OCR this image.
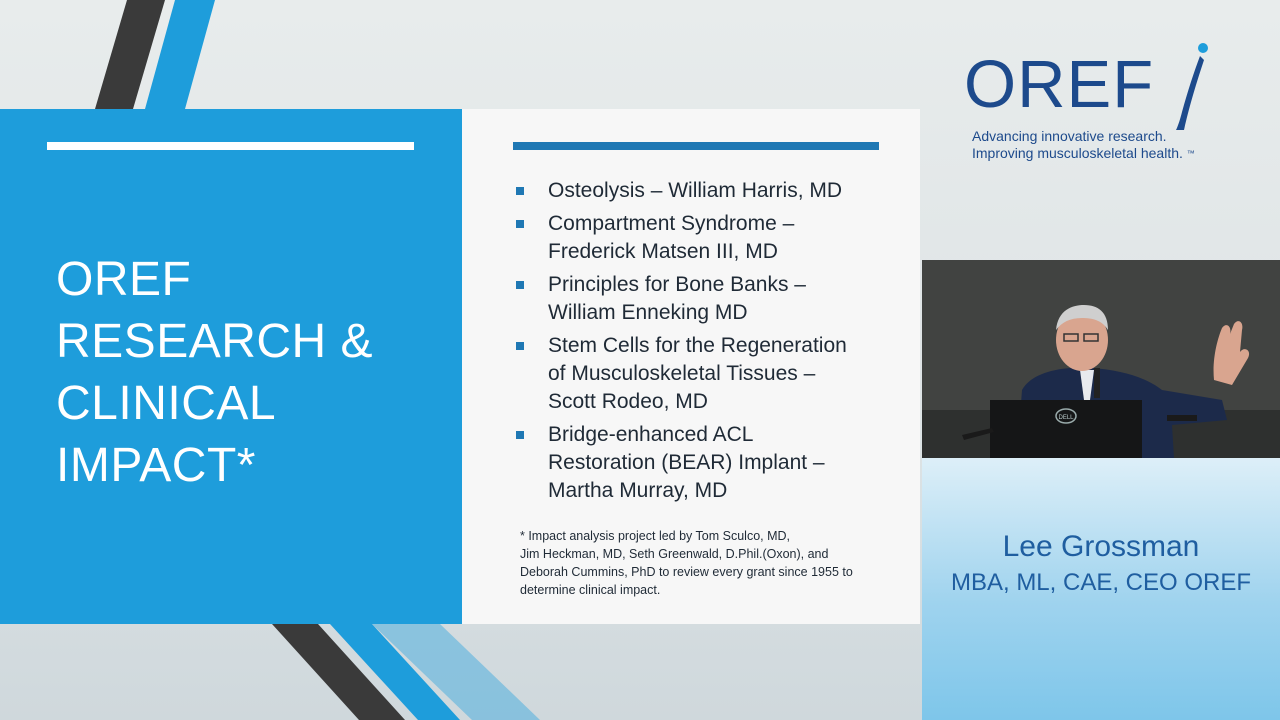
OREF
RESEARCH &
CLINICAL
IMPACT*
Osteolysis – William Harris, MD
Compartment Syndrome –
Frederick Matsen III, MD
Principles for Bone Banks –
William Enneking MD
Stem Cells for the Regeneration
of Musculoskeletal Tissues –
Scott Rodeo, MD
Bridge-enhanced ACL
Restoration (BEAR) Implant –
Martha Murray, MD
* Impact analysis project led by Tom Sculco, MD,
Jim Heckman, MD, Seth Greenwald, D.Phil.(Oxon), and
Deborah Cummins, PhD to review every grant since 1955 to
determine clinical impact.
OREF
Advancing innovative research.
Improving musculoskeletal health. ™
DELL
Lee Grossman
MBA, ML, CAE, CEO OREF
